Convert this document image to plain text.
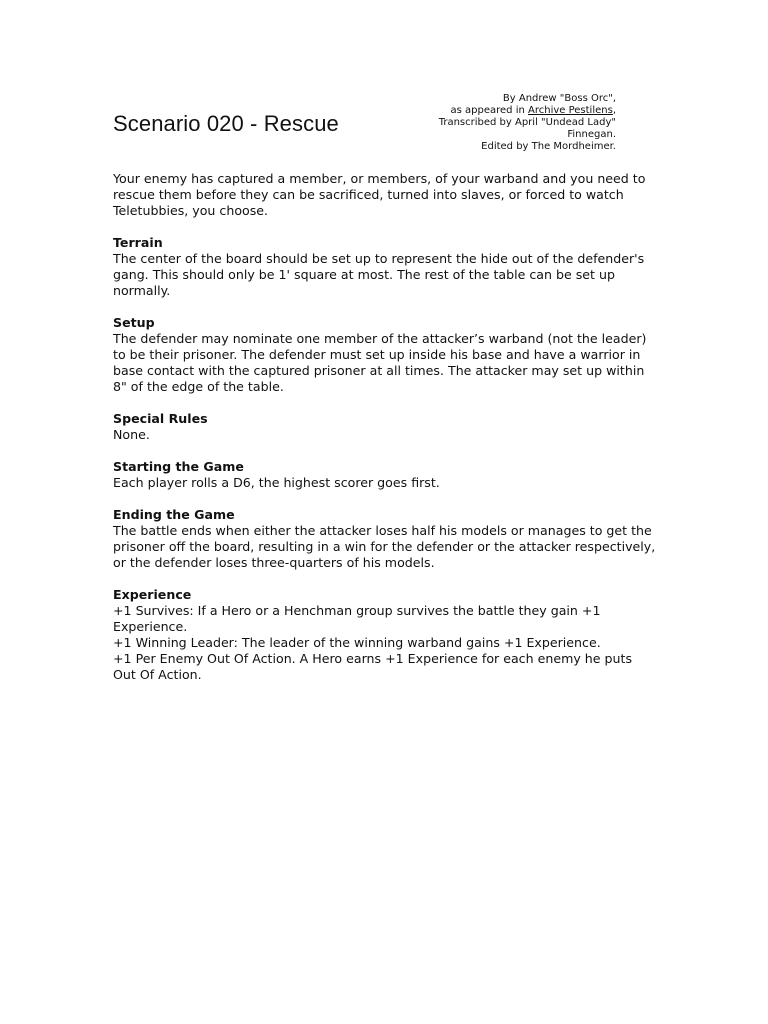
Scenario 020 - Rescue
By Andrew "Boss Orc",
as appeared in Archive Pestilens,
Transcribed by April "Undead Lady"
Finnegan.
Edited by The Mordheimer.

Your enemy has captured a member, or members, of your warband and you need to rescue them before they can be sacrificed, turned into slaves, or forced to watch Teletubbies, you choose.

Terrain

The center of the board should be set up to represent the hide out of the defender's gang. This should only be 1' square at most. The rest of the table can be set up normally.

Setup

The defender may nominate one member of the attacker’s warband (not the leader) to be their prisoner. The defender must set up inside his base and have a warrior in base contact with the captured prisoner at all times. The attacker may set up within 8" of the edge of the table.

Special Rules

None.

Starting the Game

Each player rolls a D6, the highest scorer goes first.

Ending the Game

The battle ends when either the attacker loses half his models or manages to get the prisoner off the board, resulting in a win for the defender or the attacker respectively, or the defender loses three-quarters of his models.

Experience

+1 Survives: If a Hero or a Henchman group survives the battle they gain +1 Experience.

+1 Winning Leader: The leader of the winning warband gains +1 Experience.

+1 Per Enemy Out Of Action. A Hero earns +1 Experience for each enemy he puts Out Of Action.
